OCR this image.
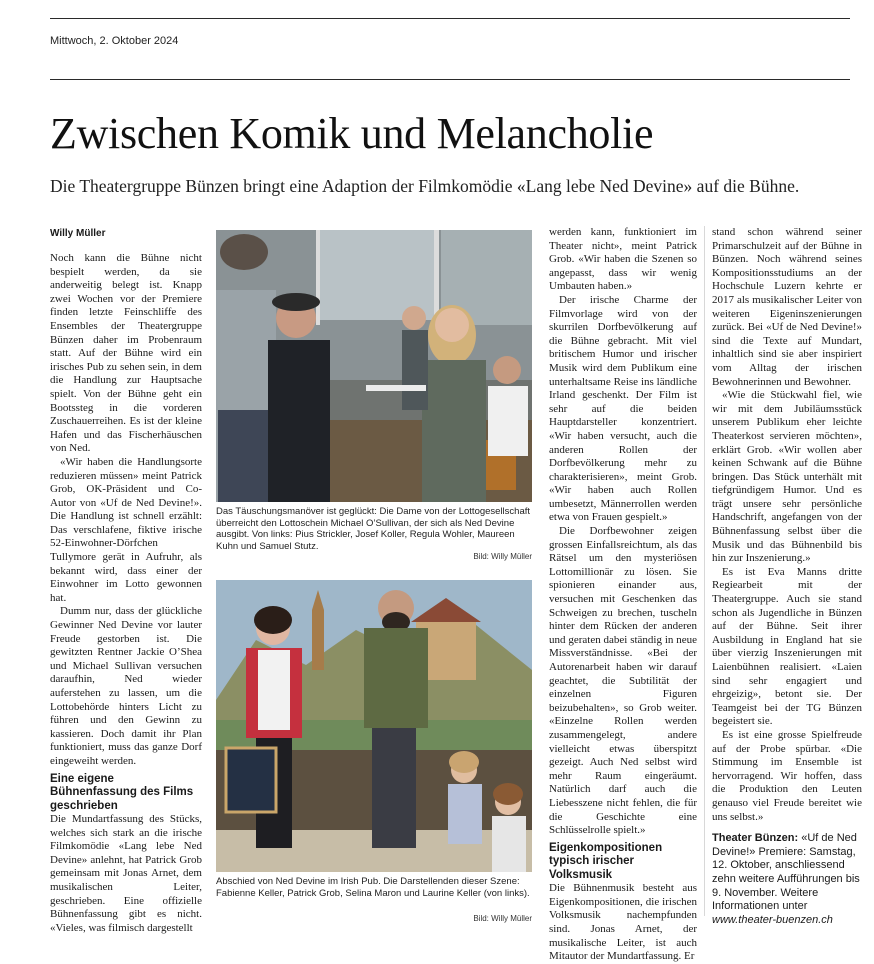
Mittwoch, 2. Oktober 2024
Zwischen Komik und Melancholie
Die Theatergruppe Bünzen bringt eine Adaption der Filmkomödie «Lang lebe Ned Devine» auf die Bühne.
Willy Müller

Noch kann die Bühne nicht bespielt werden, da sie anderweitig belegt ist. Knapp zwei Wochen vor der Premiere finden letzte Feinschliffe des Ensembles der Theatergruppe Bünzen daher im Probenraum statt. Auf der Bühne wird ein irisches Pub zu sehen sein, in dem die Handlung zur Hauptsache spielt. Von der Bühne geht ein Bootssteg in die vorderen Zuschauerreihen. Es ist der kleine Hafen und das Fischerhäuschen von Ned.

«Wir haben die Handlungsorte reduzieren müssen» meint Patrick Grob, OK-Präsident und Co-Autor von «Uf de Ned Devine!». Die Handlung ist schnell erzählt: Das verschlafene, fiktive irische 52-Einwohner-Dörfchen Tullymore gerät in Aufruhr, als bekannt wird, dass einer der Einwohner im Lotto gewonnen hat.

Dumm nur, dass der glückliche Gewinner Ned Devine vor lauter Freude gestorben ist. Die gewitzten Rentner Jackie O’Shea und Michael Sullivan versuchen daraufhin, Ned wieder auferstehen zu lassen, um die Lottobehörde hinters Licht zu führen und den Gewinn zu kassieren. Doch damit ihr Plan funktioniert, muss das ganze Dorf eingeweiht werden.

Eine eigene Bühnenfassung des Films geschrieben

Die Mundartfassung des Stücks, welches sich stark an die irische Filmkomödie «Lang lebe Ned Devine» anlehnt, hat Patrick Grob gemeinsam mit Jonas Arnet, dem musikalischen Leiter, geschrieben. Eine offizielle Bühnenfassung gibt es nicht. «Vieles, was filmisch dargestellt

Das Täuschungsmanöver ist geglückt: Die Dame von der Lottogesellschaft überreicht den Lottoschein Michael O’Sullivan, der sich als Ned Devine ausgibt. Von links: Pius Strickler, Josef Koller, Regula Wohler, Maureen Kuhn und Samuel Stutz.
Bild: Willy Müller
Abschied von Ned Devine im Irish Pub. Die Darstellenden dieser Szene: Fabienne Keller, Patrick Grob, Selina Maron und Laurine Keller (von links).
Bild: Willy Müller

werden kann, funktioniert im Theater nicht», meint Patrick Grob. «Wir haben die Szenen so angepasst, dass wir wenig Umbauten haben.»

Der irische Charme der Filmvorlage wird von der skurrilen Dorfbevölkerung auf die Bühne gebracht. Mit viel britischem Humor und irischer Musik wird dem Publikum eine unterhaltsame Reise ins ländliche Irland geschenkt. Der Film ist sehr auf die beiden Hauptdarsteller konzentriert. «Wir haben versucht, auch die anderen Rollen der Dorfbevölkerung mehr zu charakterisieren», meint Grob. «Wir haben auch Rollen umbesetzt, Männerrollen werden etwa von Frauen gespielt.»

Die Dorfbewohner zeigen grossen Einfallsreichtum, als das Rätsel um den mysteriösen Lottomillionär zu lösen. Sie spionieren einander aus, versuchen mit Geschenken das Schweigen zu brechen, tuscheln hinter dem Rücken der anderen und geraten dabei ständig in neue Missverständnisse. «Bei der Autorenarbeit haben wir darauf geachtet, die Subtilität der einzelnen Figuren beizubehalten», so Grob weiter. «Einzelne Rollen werden zusammengelegt, andere vielleicht etwas überspitzt gezeigt. Auch Ned selbst wird mehr Raum eingeräumt. Natürlich darf auch die Liebesszene nicht fehlen, die für die Geschichte eine Schlüsselrolle spielt.»

Eigenkompositionen typisch irischer Volksmusik

Die Bühnenmusik besteht aus Eigenkompositionen, die irischen Volksmusik nachempfunden sind. Jonas Arnet, der musikalische Leiter, ist auch Mitautor der Mundartfassung. Er

stand schon während seiner Primarschulzeit auf der Bühne in Bünzen. Noch während seines Kompositionsstudiums an der Hochschule Luzern kehrte er 2017 als musikalischer Leiter von weiteren Eigeninszenierungen zurück. Bei «Uf de Ned Devine!» sind die Texte auf Mundart, inhaltlich sind sie aber inspiriert vom Alltag der irischen Bewohnerinnen und Bewohner.

«Wie die Stückwahl fiel, wie wir mit dem Jubiläumsstück unserem Publikum eher leichte Theaterkost servieren möchten», erklärt Grob. «Wir wollen aber keinen Schwank auf die Bühne bringen. Das Stück unterhält mit tiefgründigem Humor. Und es trägt unsere sehr persönliche Handschrift, angefangen von der Bühnenfassung selbst über die Musik und das Bühnenbild bis hin zur Inszenierung.»

Es ist Eva Manns dritte Regiearbeit mit der Theatergruppe. Auch sie stand schon als Jugendliche in Bünzen auf der Bühne. Seit ihrer Ausbildung in England hat sie über vierzig Inszenierungen mit Laienbühnen realisiert. «Laien sind sehr engagiert und ehrgeizig», betont sie. Der Teamgeist bei der TG Bünzen begeistert sie.

Es ist eine grosse Spielfreude auf der Probe spürbar. «Die Stimmung im Ensemble ist hervorragend. Wir hoffen, dass die Produktion den Leuten genauso viel Freude bereitet wie uns selbst.»

Theater Bünzen: «Uf de Ned Devine!» Premiere: Samstag, 12. Oktober, anschliessend zehn weitere Aufführungen bis 9. November. Weitere Informationen unter www.theater-buenzen.ch
